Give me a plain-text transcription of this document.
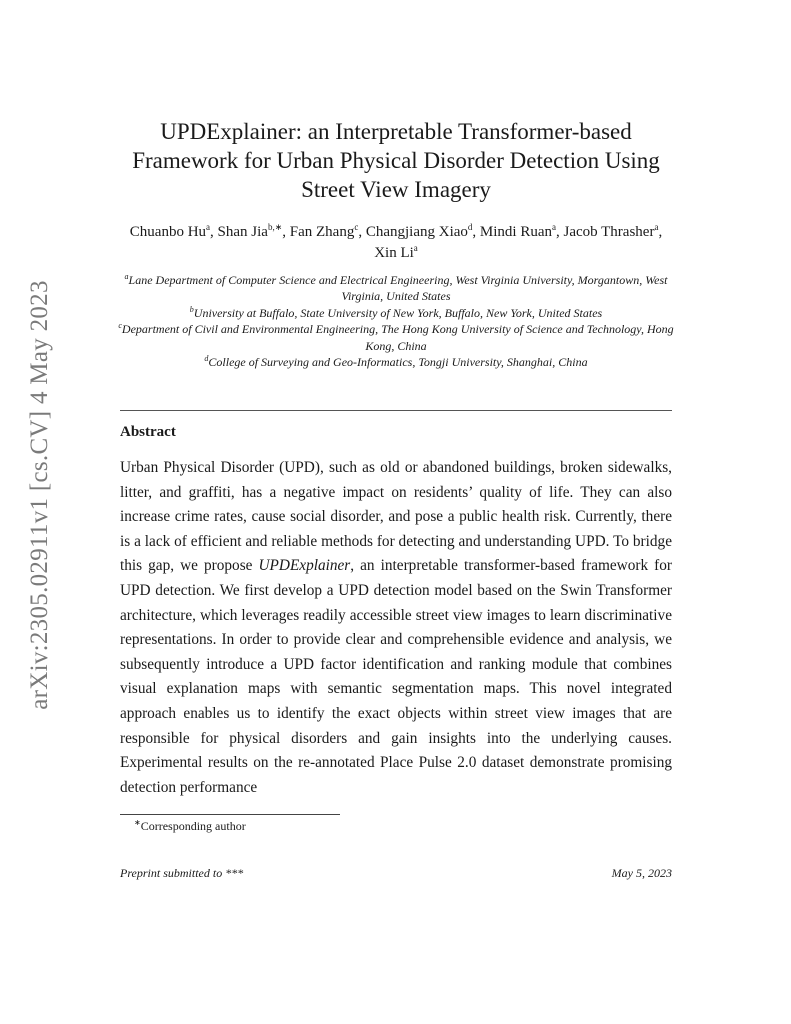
arXiv:2305.02911v1 [cs.CV] 4 May 2023
UPDExplainer: an Interpretable Transformer-based Framework for Urban Physical Disorder Detection Using Street View Imagery
Chuanbo Hu$^a$, Shan Jia$^{b,∗}$, Fan Zhang$^c$, Changjiang Xiao$^d$, Mindi Ruan$^a$, Jacob Thrasher$^a$, Xin Li$^a$
$^a$Lane Department of Computer Science and Electrical Engineering, West Virginia University, Morgantown, West Virginia, United States
$^b$University at Buffalo, State University of New York, Buffalo, New York, United States
$^c$Department of Civil and Environmental Engineering, The Hong Kong University of Science and Technology, Hong Kong, China
$^d$College of Surveying and Geo-Informatics, Tongji University, Shanghai, China
Abstract
Urban Physical Disorder (UPD), such as old or abandoned buildings, broken sidewalks, litter, and graffiti, has a negative impact on residents’ quality of life. They can also increase crime rates, cause social disorder, and pose a public health risk. Currently, there is a lack of efficient and reliable methods for detecting and understanding UPD. To bridge this gap, we propose UPDExplainer, an interpretable transformer-based framework for UPD detection. We first develop a UPD detection model based on the Swin Transformer architecture, which leverages readily accessible street view images to learn discriminative representations. In order to provide clear and comprehensible evidence and analysis, we subsequently introduce a UPD factor identification and ranking module that combines visual explanation maps with semantic segmentation maps. This novel integrated approach enables us to identify the exact objects within street view images that are responsible for physical disorders and gain insights into the underlying causes. Experimental results on the re-annotated Place Pulse 2.0 dataset demonstrate promising detection performance
∗Corresponding author
Preprint submitted to ***	May 5, 2023
